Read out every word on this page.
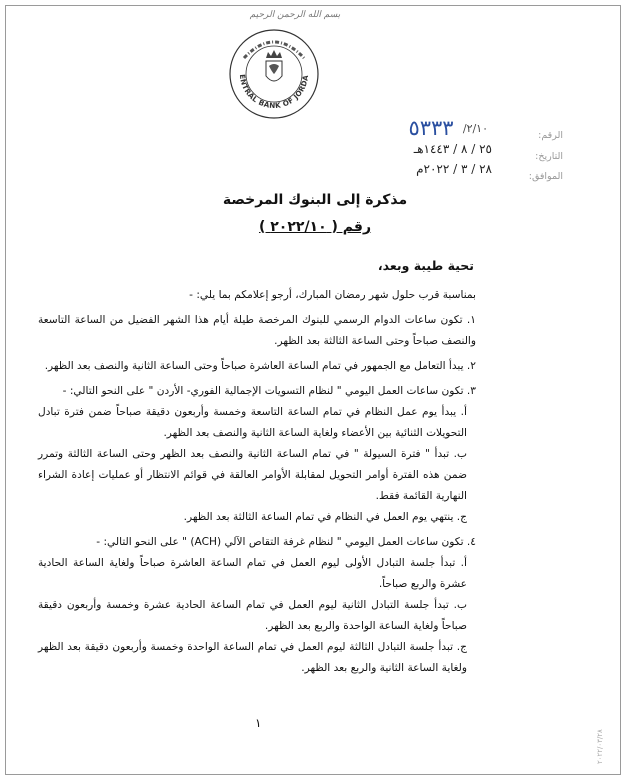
بسم الله الرحمن الرحيم
ENTRAL BANK OF JORDA
الرقم:
التاريخ:
الموافق:
٥٣٣٣ ٢/١٠/
٢٥ / ٨ / ١٤٤٣هـ
٢٨ / ٣ / ٢٠٢٢م
مذكرة إلى البنوك المرخصة
رقم ( ٢٠٢٢/١٠ )
تحية طيبة وبعد،

بمناسبة قرب حلول شهر رمضان المبارك، أرجو إعلامكم بما يلي: -

١. تكون ساعات الدوام الرسمي للبنوك المرخصة طيلة أيام هذا الشهر الفضيل من الساعة التاسعة والنصف صباحاً وحتى الساعة الثالثة بعد الظهر.

٢. يبدأ التعامل مع الجمهور في تمام الساعة العاشرة صباحاً وحتى الساعة الثانية والنصف بعد الظهر.

٣. تكون ساعات العمل اليومي " لنظام التسويات الإجمالية الفوري- الأردن " على النحو التالي: -

أ. يبدأ يوم عمل النظام في تمام الساعة التاسعة وخمسة وأربعون دقيقة صباحاً ضمن فترة تبادل التحويلات الثنائية بين الأعضاء ولغاية الساعة الثانية والنصف بعد الظهر.

ب. تبدأ " فترة السيولة " في تمام الساعة الثانية والنصف بعد الظهر وحتى الساعة الثالثة وتمرر ضمن هذه الفترة أوامر التحويل لمقابلة الأوامر العالقة في قوائم الانتظار أو عمليات إعادة الشراء النهارية القائمة فقط.

ج. ينتهي يوم العمل في النظام في تمام الساعة الثالثة بعد الظهر.

٤. تكون ساعات العمل اليومي " لنظام غرفة التقاص الآلي (ACH) " على النحو التالي: -

أ. تبدأ جلسة التبادل الأولى ليوم العمل في تمام الساعة العاشرة صباحاً ولغاية الساعة الحادية عشرة والربع صباحاً.

ب. تبدأ جلسة التبادل الثانية ليوم العمل في تمام الساعة الحادية عشرة وخمسة وأربعون دقيقة صباحاً ولغاية الساعة الواحدة والربع بعد الظهر.

ج. تبدأ جلسة التبادل الثالثة ليوم العمل في تمام الساعة الواحدة وخمسة وأربعون دقيقة بعد الظهر ولغاية الساعة الثانية والربع بعد الظهر.

١
٢٠٢٢/٠٣/٢٨
